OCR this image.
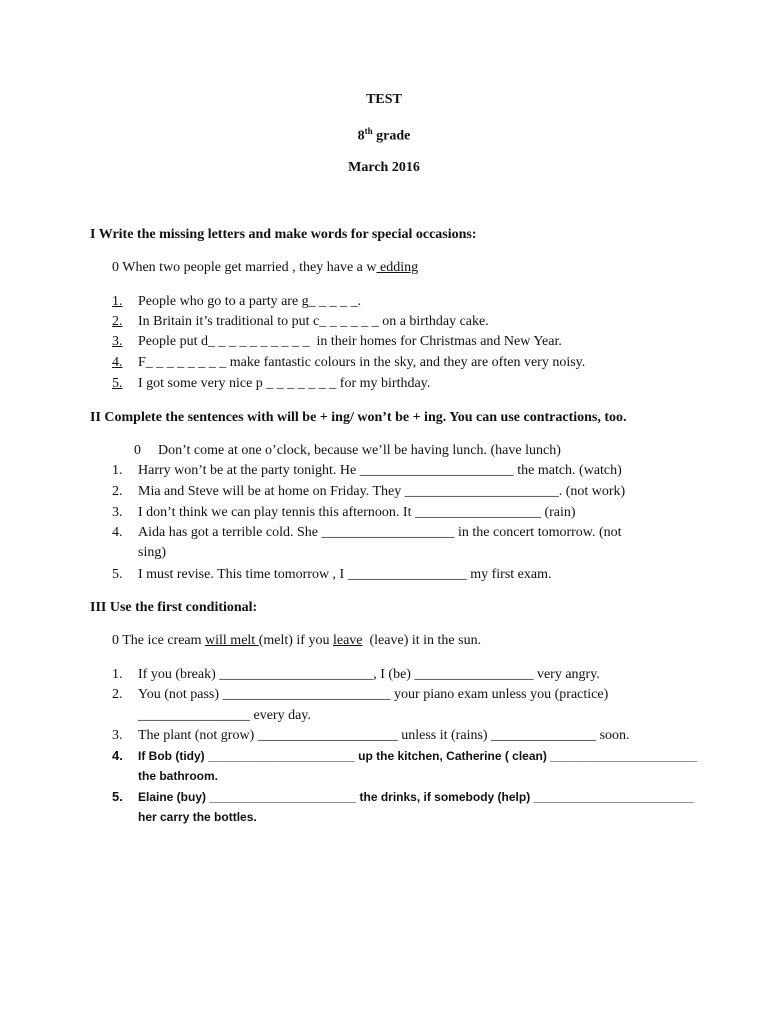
TEST
8th grade
March 2016
I Write the missing letters and make words for special occasions:
0 When two people get married , they have a w edding
1. People who go to a party are g_ _ _ _ _.
2. In Britain it’s traditional to put c_ _ _ _ _ _ on a birthday cake.
3. People put d_ _ _ _ _ _ _ _ _ _  in their homes for Christmas and New Year.
4. F_ _ _ _ _ _ _ _ make fantastic colours in the sky, and they are often very noisy.
5. I got some very nice p _ _ _ _ _ _ _ for my birthday.
II Complete the sentences with will be + ing/ won’t be + ing. You can use contractions, too.
0 Don’t come at one o’clock, because we’ll be having lunch. (have lunch)
1. Harry won’t be at the party tonight. He ______________________ the match. (watch)
2. Mia and Steve will be at home on Friday. They ______________________. (not work)
3. I don’t think we can play tennis this afternoon. It __________________ (rain)
4. Aida has got a terrible cold. She ___________________ in the concert tomorrow. (not
sing)
5. I must revise. This time tomorrow , I _________________ my first exam.
III Use the first conditional:
0 The ice cream will melt (melt) if you leave  (leave) it in the sun.
1. If you (break) ______________________, I (be) _________________ very angry.
2. You (not pass) ________________________ your piano exam unless you (practice)
________________ every day.
3. The plant (not grow) ____________________ unless it (rains) _______________ soon.
4. If Bob (tidy) ______________________ up the kitchen, Catherine ( clean) ______________________
the bathroom.
5. Elaine (buy) ______________________ the drinks, if somebody (help) ________________________
her carry the bottles.
